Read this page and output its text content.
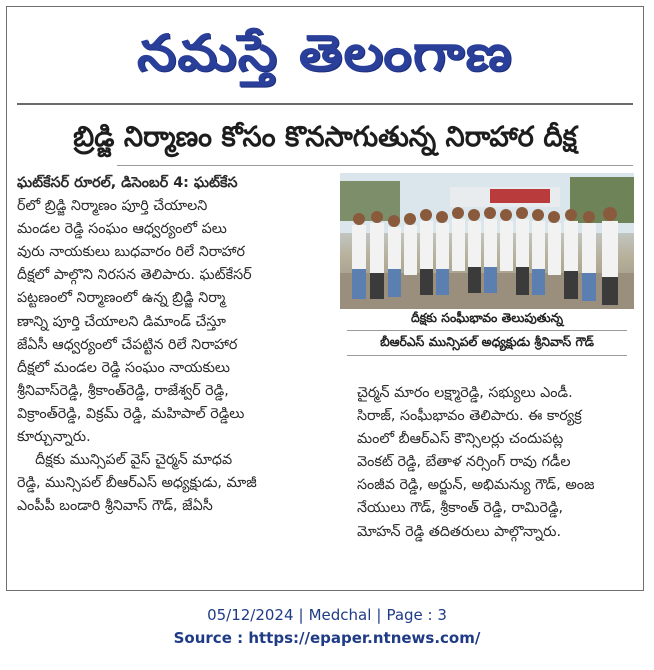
నమస్తే తెలంగాణ
బ్రిడ్జి నిర్మాణం కోసం కొనసాగుతున్న నిరాహార దీక్ష
ఘట్‌కేసర్ రూరల్, డిసెంబర్ 4: ఘట్‌కేస
ర్‌లో బ్రిడ్జి నిర్మాణం పూర్తి చేయాలని
మండల రెడ్డి సంఘం ఆధ్వర్యంలో పలు
వురు నాయకులు బుధవారం రిలే నిరాహార
దీక్షలో పాల్గొని నిరసన తెలిపారు. ఘట్‌కేసర్
పట్టణంలో నిర్మాణంలో ఉన్న బ్రిడ్జి నిర్మా
ణాన్ని పూర్తి చేయాలని డిమాండ్ చేస్తూ
జేఏసీ ఆధ్వర్యంలో చేపట్టిన రిలే నిరాహార
దీక్షలో మండల రెడ్డి సంఘం నాయకులు
శ్రీనివాస్‌రెడ్డి, శ్రీకాంత్‌రెడ్డి, రాజేశ్వర్ రెడ్డి,
విక్రాంత్‌రెడ్డి, విక్రమ్ రెడ్డి, మహిపాల్ రెడ్డిలు
కూర్చున్నారు.
దీక్షకు మున్సిపల్ వైస్ చైర్మన్ మాధవ
రెడ్డి, మున్సిపల్ బీఆర్‌ఎస్ అధ్యక్షుడు, మాజీ
ఎంపీపీ బండారి శ్రీనివాస్ గౌడ్, జేఏసీ
దీక్షకు సంఘీభావం తెలుపుతున్న
బీఆర్‌ఎస్ మున్సిపల్ అధ్యక్షుడు శ్రీనివాస్ గౌడ్
చైర్మన్ మారం లక్ష్మారెడ్డి, సభ్యులు ఎండీ.
సిరాజ్, సంఘీభావం తెలిపారు. ఈ కార్యక్ర
మంలో బీఆర్‌ఎస్ కౌన్సిలర్లు చందుపట్ల
వెంకట్ రెడ్డి, బేతాళ నర్సింగ్ రావు గడీల
సంజీవ రెడ్డి, అర్జున్, అభిమన్యు గౌడ్, అంజ
నేయులు గౌడ్, శ్రీకాంత్ రెడ్డి, రామిరెడ్డి,
మోహన్ రెడ్డి తదితరులు పాల్గొన్నారు.
05/12/2024 | Medchal | Page : 3
Source : https://epaper.ntnews.com/
